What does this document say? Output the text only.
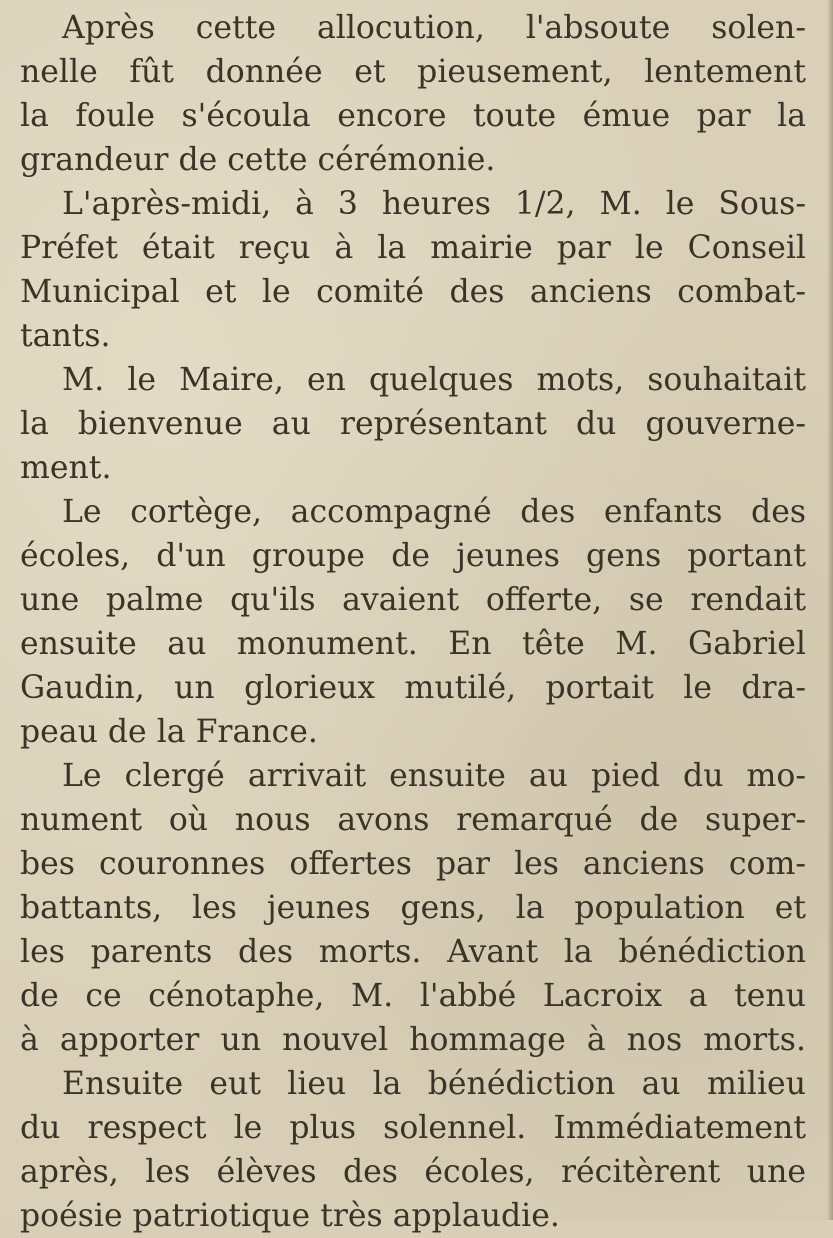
Après cette allocution, l'absoute solen-
nelle fût donnée et pieusement, lentement
la foule s'écoula encore toute émue par la
grandeur de cette cérémonie.
L'après-midi, à 3 heures 1/2, M. le Sous-
Préfet était reçu à la mairie par le Conseil
Municipal et le comité des anciens combat-
tants.
M. le Maire, en quelques mots, souhaitait
la bienvenue au représentant du gouverne-
ment.
Le cortège, accompagné des enfants des
écoles, d'un groupe de jeunes gens portant
une palme qu'ils avaient offerte, se rendait
ensuite au monument. En tête M. Gabriel
Gaudin, un glorieux mutilé, portait le dra-
peau de la France.
Le clergé arrivait ensuite au pied du mo-
nument où nous avons remarqué de super-
bes couronnes offertes par les anciens com-
battants, les jeunes gens, la population et
les parents des morts. Avant la bénédiction
de ce cénotaphe, M. l'abbé Lacroix a tenu
à apporter un nouvel hommage à nos morts.
Ensuite eut lieu la bénédiction au milieu
du respect le plus solennel. Immédiatement
après, les élèves des écoles, récitèrent une
poésie patriotique très applaudie.
